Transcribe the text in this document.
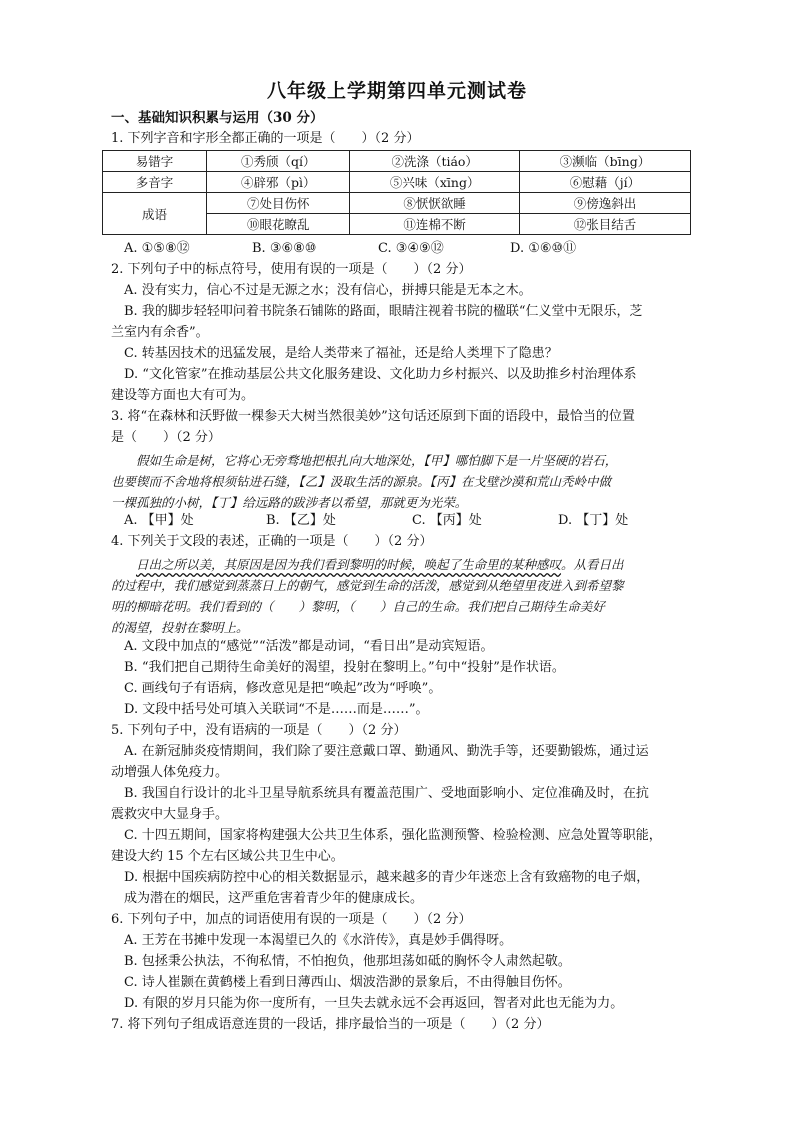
八年级上学期第四单元测试卷
一、基础知识积累与运用（30 分）
1. 下列字音和字形全都正确的一项是（　　）（2 分）
易错字	①秀颀（qí）	②洗涤（tiáo）	③濒临（bīng）
多音字	④辟邪（pì）	⑤兴味（xīng）	⑥慰藉（jí）
成语	⑦处目伤怀	⑧恹恹欲睡	⑨傍逸斜出
	⑩眼花瞭乱	⑪连棉不断	⑫张目结舌
A. ①⑤⑧⑫	B. ③⑥⑧⑩	C. ③④⑨⑫	D. ①⑥⑩⑪
2. 下列句子中的标点符号，使用有误的一项是（　　）（2 分）
A. 没有实力，信心不过是无源之水；没有信心，拼搏只能是无本之木。
B. 我的脚步轻轻叩问着书院条石铺陈的路面，眼睛注视着书院的楹联“仁义堂中无限乐，芝
兰室内有余香”。
C. 转基因技术的迅猛发展，是给人类带来了福祉，还是给人类埋下了隐患？
D. “文化管家”在推动基层公共文化服务建设、文化助力乡村振兴、以及助推乡村治理体系
建设等方面也大有可为。
3. 将“在森林和沃野做一棵参天大树当然很美妙”这句话还原到下面的语段中，最恰当的位置
是（　　）（2 分）
假如生命是树，它将心无旁骛地把根扎向大地深处，【甲】哪怕脚下是一片坚硬的岩石，
也要锲而不舍地将根须钻进石缝，【乙】汲取生活的源泉。【丙】在戈壁沙漠和荒山秃岭中做
一棵孤独的小树，【丁】给远路的跋涉者以希望，那就更为光荣。
A. 【甲】处	B. 【乙】处	C. 【丙】处	D. 【丁】处
4. 下列关于文段的表述，正确的一项是（　　）（2 分）
日出之所以美，其原因是因为我们看到黎明的时候，唤起了生命里的某种感叹。从看日出
的过程中，我们感觉到蒸蒸日上的朝气，感觉到生命的活泼，感觉到从绝望里夜进入到希望黎
明的柳暗花明。我们看到的（　　）黎明，（　　）自己的生命。我们把自己期待生命美好
的渴望，投射在黎明上。
A. 文段中加点的“感觉”“活泼”都是动词，“看日出”是动宾短语。
B. “我们把自己期待生命美好的渴望，投射在黎明上。”句中“投射”是作状语。
C. 画线句子有语病，修改意见是把“唤起”改为“呼唤”。
D. 文段中括号处可填入关联词“不是……而是……”。
5. 下列句子中，没有语病的一项是（　　）（2 分）
A. 在新冠肺炎疫情期间，我们除了要注意戴口罩、勤通风、勤洗手等，还要勤锻炼，通过运
动增强人体免疫力。
B. 我国自行设计的北斗卫星导航系统具有覆盖范围广、受地面影响小、定位准确及时，在抗
震救灾中大显身手。
C. 十四五期间，国家将构建强大公共卫生体系，强化监测预警、检验检测、应急处置等职能，
建设大约 15 个左右区域公共卫生中心。
D. 根据中国疾病防控中心的相关数据显示，越来越多的青少年迷恋上含有致癌物的电子烟，
成为潜在的烟民，这严重危害着青少年的健康成长。
6. 下列句子中，加点的词语使用有误的一项是（　　）（2 分）
A. 王芳在书摊中发现一本渴望已久的《水浒传》，真是妙手偶得呀。
B. 包拯秉公执法，不徇私情，不怕抱负，他那坦荡如砥的胸怀令人肃然起敬。
C. 诗人崔颢在黄鹤楼上看到日薄西山、烟波浩渺的景象后，不由得触目伤怀。
D. 有限的岁月只能为你一度所有，一旦失去就永远不会再返回，智者对此也无能为力。
7. 将下列句子组成语意连贯的一段话，排序最恰当的一项是（　　）（2 分）
